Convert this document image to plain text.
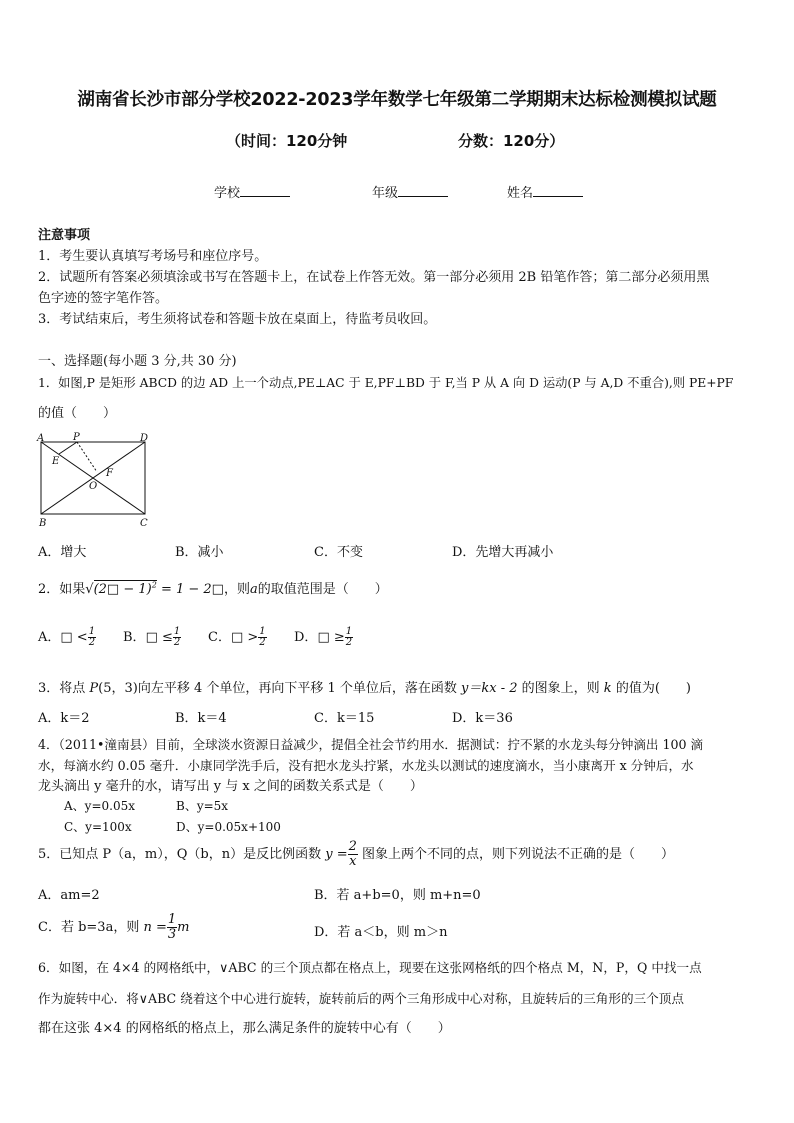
湖南省长沙市部分学校2022-2023学年数学七年级第二学期期末达标检测模拟试题
（时间：120分钟	分数：120分）
学校	年级	姓名
注意事项
1．考生要认真填写考场号和座位序号。
2．试题所有答案必须填涂或书写在答题卡上，在试卷上作答无效。第一部分必须用 2B 铅笔作答；第二部分必须用黑
色字迹的签字笔作答。
3．考试结束后，考生须将试卷和答题卡放在桌面上，待监考员收回。
一、选择题(每小题 3 分,共 30 分)
1．如图,P 是矩形 ABCD 的边 AD 上一个动点,PE⊥AC 于 E,PF⊥BD 于 F,当 P 从 A 向 D 运动(P 与 A,D 不重合),则 PE+PF
的值（　　）
A	P	D
E
F
O
B	C
A．增大	B．减小	C．不变	D．先增大再减小
2．如果√(2□ − 1)$^2$ = 1 − 2□，则a的取值范围是（　　）
A．□ < $\frac{1}{2}$ B．□ ≤ $\frac{1}{2}$ C．□ > $\frac{1}{2}$ D．□ ≥ $\frac{1}{2}$
3．将点 P(5，3)向左平移 4 个单位，再向下平移 1 个单位后，落在函数 y＝kx - 2 的图象上，则 k 的值为(　　)
A．k＝2	B．k＝4	C．k＝15	D．k＝36
4．（2011•潼南县）目前，全球淡水资源日益减少，提倡全社会节约用水．据测试：拧不紧的水龙头每分钟滴出 100 滴
水，每滴水约 0.05 毫升．小康同学洗手后，没有把水龙头拧紧，水龙头以测试的速度滴水，当小康离开 x 分钟后，水
龙头滴出 y 毫升的水，请写出 y 与 x 之间的函数关系式是（　　）
A、y=0.05x	B、y=5x
C、y=100x	D、y=0.05x+100
5．已知点 P（a，m），Q（b，n）是反比例函数 $y = \frac{2}{x}$ 图象上两个不同的点，则下列说法不正确的是（　　）
A．am=2	B．若 a+b=0，则 m+n=0
C．若 b=3a，则 $n = \frac{1}{3}$ m	D．若 a＜b，则 m＞n
6．如图，在 4×4 的网格纸中，∨ABC 的三个顶点都在格点上，现要在这张网格纸的四个格点 M，N，P，Q 中找一点
作为旋转中心．将∨ABC 绕着这个中心进行旋转，旋转前后的两个三角形成中心对称，且旋转后的三角形的三个顶点
都在这张 4×4 的网格纸的格点上，那么满足条件的旋转中心有（　　）
